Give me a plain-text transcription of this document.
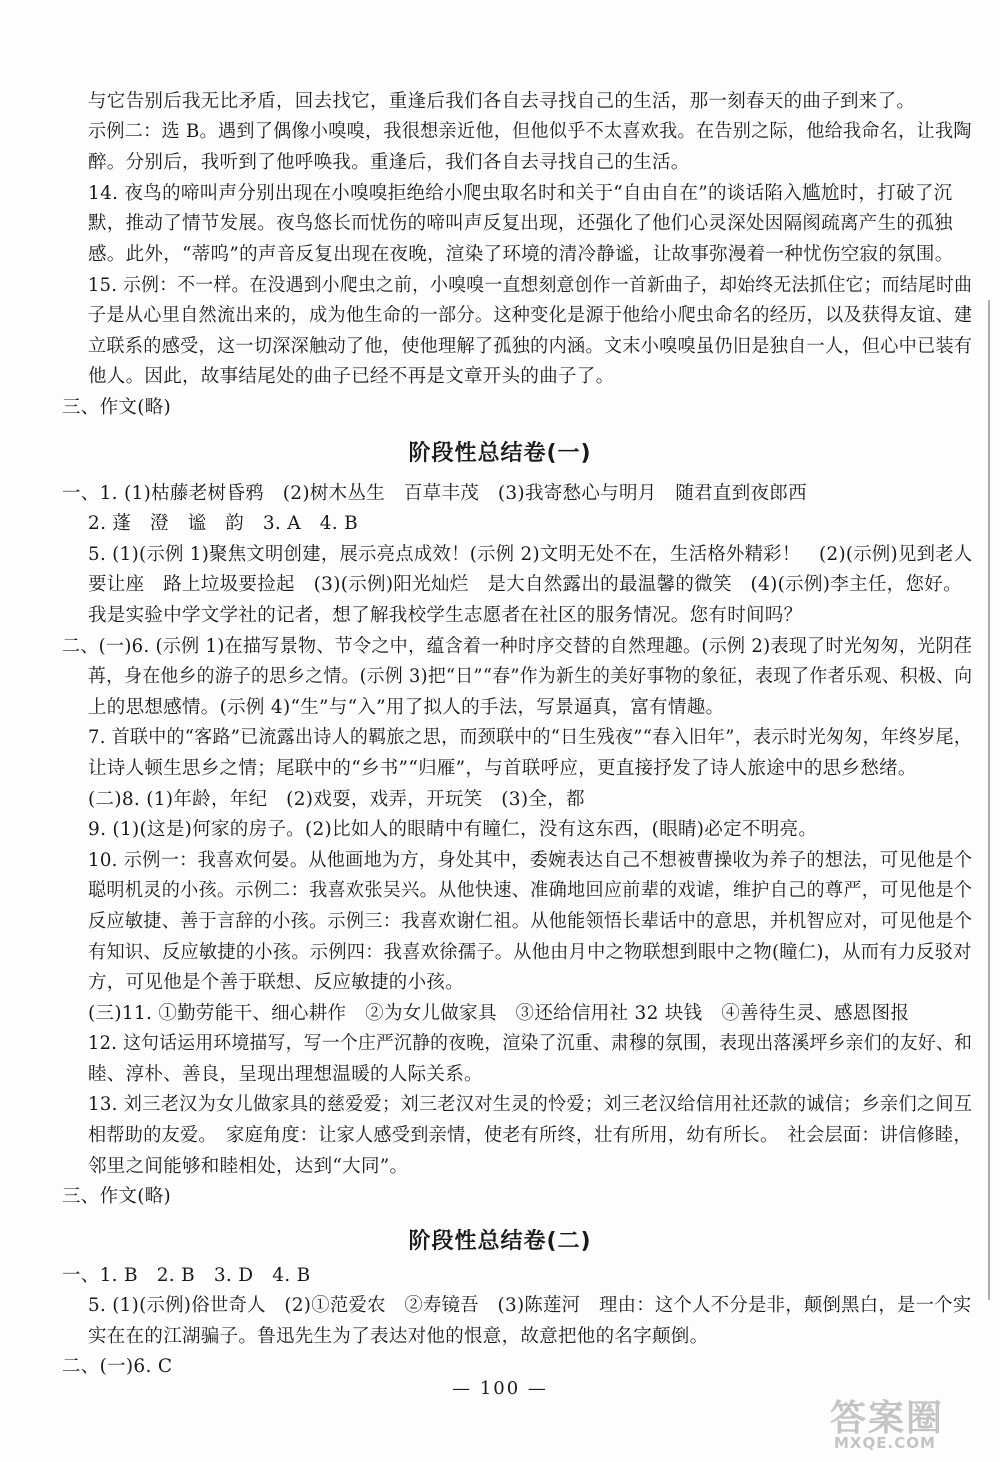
与它告别后我无比矛盾，回去找它，重逢后我们各自去寻找自己的生活，那一刻春天的曲子到来了。
示例二：选 B。遇到了偶像小嗅嗅，我很想亲近他，但他似乎不太喜欢我。在告别之际，他给我命名，让我陶
醉。分别后，我听到了他呼唤我。重逢后，我们各自去寻找自己的生活。
14. 夜鸟的啼叫声分别出现在小嗅嗅拒绝给小爬虫取名时和关于“自由自在”的谈话陷入尴尬时，打破了沉
默，推动了情节发展。夜鸟悠长而忧伤的啼叫声反复出现，还强化了他们心灵深处因隔阂疏离产生的孤独
感。此外，“蒂呜”的声音反复出现在夜晚，渲染了环境的清冷静谧，让故事弥漫着一种忧伤空寂的氛围。
15. 示例：不一样。在没遇到小爬虫之前，小嗅嗅一直想刻意创作一首新曲子，却始终无法抓住它；而结尾时曲
子是从心里自然流出来的，成为他生命的一部分。这种变化是源于他给小爬虫命名的经历，以及获得友谊、建
立联系的感受，这一切深深触动了他，使他理解了孤独的内涵。文末小嗅嗅虽仍旧是独自一人，但心中已装有
他人。因此，故事结尾处的曲子已经不再是文章开头的曲子了。
三、作文(略)
阶段性总结卷(一)
一、1. (1)枯藤老树昏鸦　(2)树木丛生　百草丰茂　(3)我寄愁心与明月　随君直到夜郎西
2. 蓬　澄　谧　韵　3. A　4. B
5. (1)(示例 1)聚焦文明创建，展示亮点成效！(示例 2)文明无处不在，生活格外精彩！　(2)(示例)见到老人
要让座　路上垃圾要捡起　(3)(示例)阳光灿烂　是大自然露出的最温馨的微笑　(4)(示例)李主任，您好。
我是实验中学文学社的记者，想了解我校学生志愿者在社区的服务情况。您有时间吗？
二、(一)6. (示例 1)在描写景物、节令之中，蕴含着一种时序交替的自然理趣。(示例 2)表现了时光匆匆，光阴荏
苒，身在他乡的游子的思乡之情。(示例 3)把“日”“春”作为新生的美好事物的象征，表现了作者乐观、积极、向
上的思想感情。(示例 4)“生”与“入”用了拟人的手法，写景逼真，富有情趣。
7. 首联中的“客路”已流露出诗人的羁旅之思，而颈联中的“日生残夜”“春入旧年”，表示时光匆匆，年终岁尾，
让诗人顿生思乡之情；尾联中的“乡书”“归雁”，与首联呼应，更直接抒发了诗人旅途中的思乡愁绪。
(二)8. (1)年龄，年纪　(2)戏耍，戏弄，开玩笑　(3)全，都
9. (1)(这是)何家的房子。(2)比如人的眼睛中有瞳仁，没有这东西，(眼睛)必定不明亮。
10. 示例一：我喜欢何晏。从他画地为方，身处其中，委婉表达自己不想被曹操收为养子的想法，可见他是个
聪明机灵的小孩。示例二：我喜欢张吴兴。从他快速、准确地回应前辈的戏谑，维护自己的尊严，可见他是个
反应敏捷、善于言辞的小孩。示例三：我喜欢谢仁祖。从他能领悟长辈话中的意思，并机智应对，可见他是个
有知识、反应敏捷的小孩。示例四：我喜欢徐孺子。从他由月中之物联想到眼中之物(瞳仁)，从而有力反驳对
方，可见他是个善于联想、反应敏捷的小孩。
(三)11. ①勤劳能干、细心耕作　②为女儿做家具　③还给信用社 32 块钱　④善待生灵、感恩图报
12. 这句话运用环境描写，写一个庄严沉静的夜晚，渲染了沉重、肃穆的氛围，表现出落溪坪乡亲们的友好、和
睦、淳朴、善良，呈现出理想温暖的人际关系。
13. 刘三老汉为女儿做家具的慈爱爱；刘三老汉对生灵的怜爱；刘三老汉给信用社还款的诚信；乡亲们之间互
相帮助的友爱。　家庭角度：让家人感受到亲情，使老有所终，壮有所用，幼有所长。　社会层面：讲信修睦，
邻里之间能够和睦相处，达到“大同”。
三、作文(略)
阶段性总结卷(二)
一、1. B　2. B　3. D　4. B
5. (1)(示例)俗世奇人　(2)①范爱农　②寿镜吾　(3)陈莲河　理由：这个人不分是非，颠倒黑白，是一个实
实在在的江湖骗子。鲁迅先生为了表达对他的恨意，故意把他的名字颠倒。
二、(一)6. C
— 100 —
答案圈
MXQE.COM
